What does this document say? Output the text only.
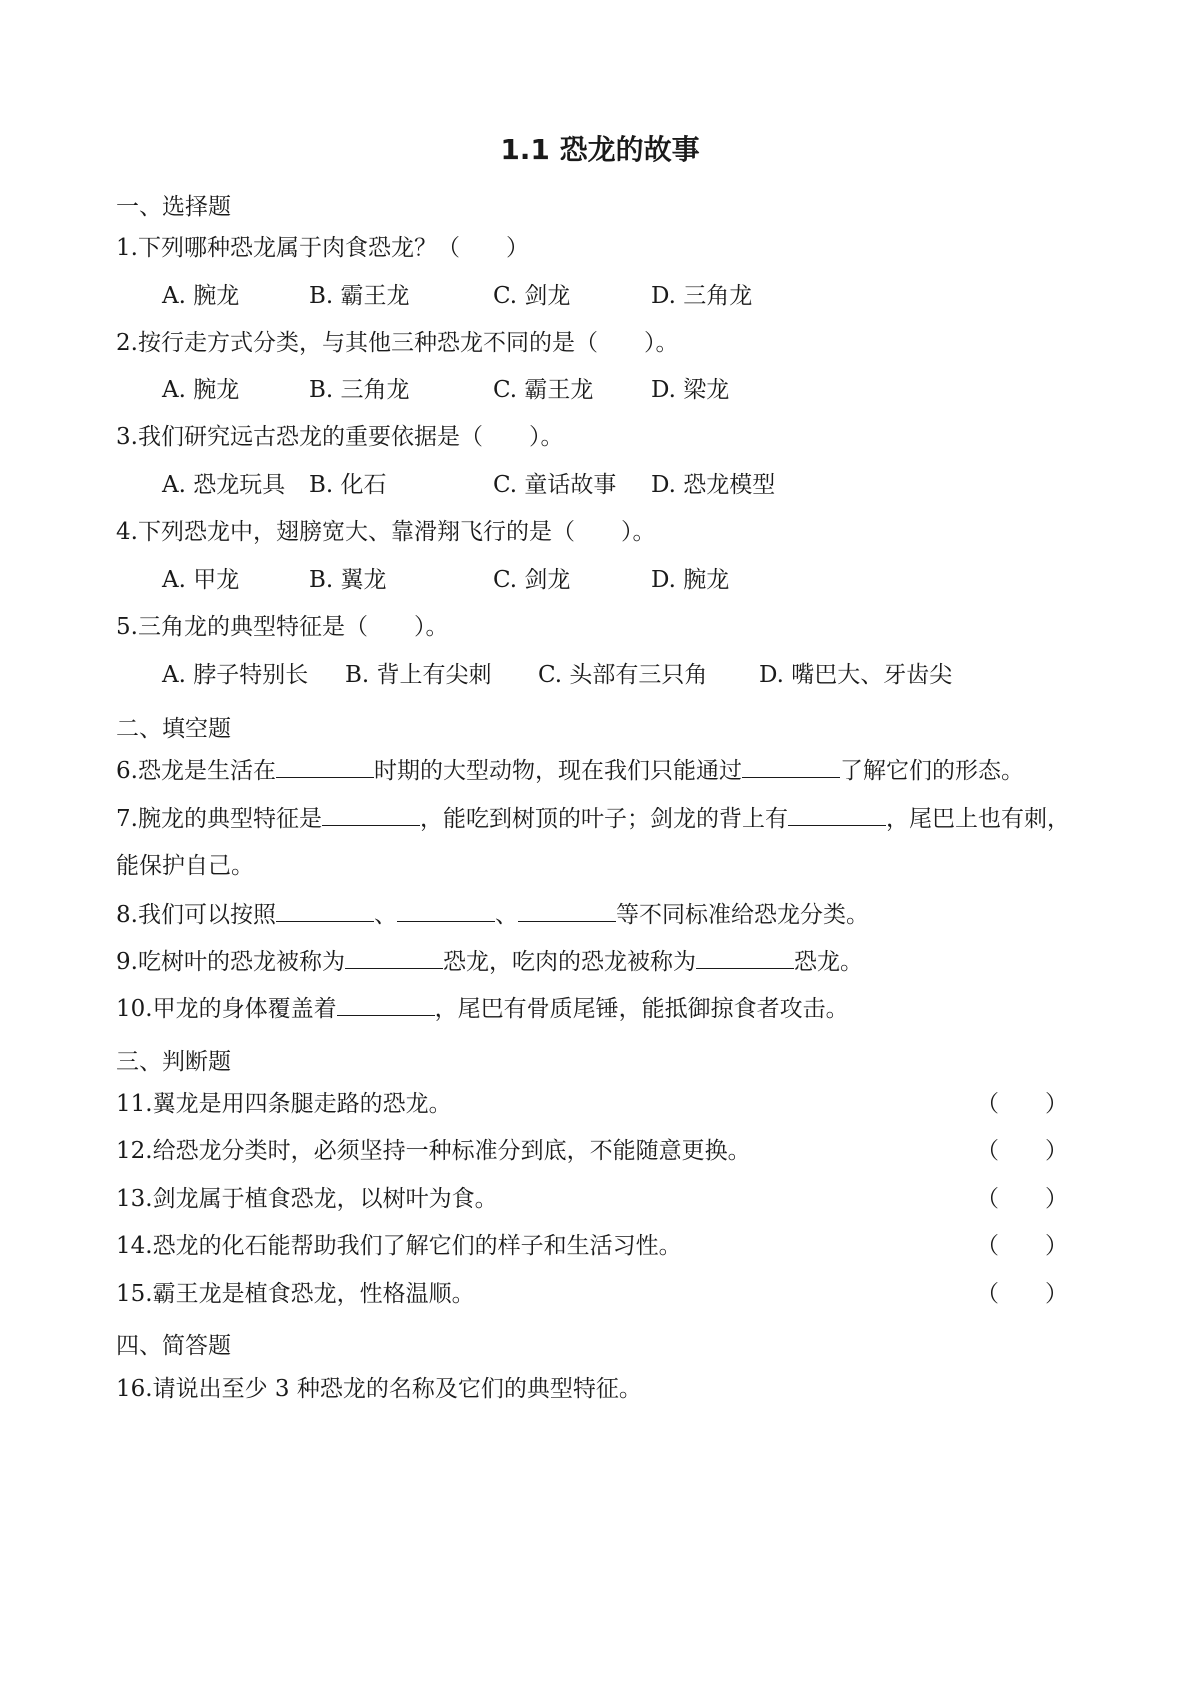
1.1 恐龙的故事
一、选择题
1.下列哪种恐龙属于肉食恐龙？（　　）
A. 腕龙	B. 霸王龙	C. 剑龙	D. 三角龙
2.按行走方式分类，与其他三种恐龙不同的是（　　）。
A. 腕龙	B. 三角龙	C. 霸王龙	D. 梁龙
3.我们研究远古恐龙的重要依据是（　　）。
A. 恐龙玩具 B. 化石	C. 童话故事 D. 恐龙模型
4.下列恐龙中，翅膀宽大、靠滑翔飞行的是（　　）。
A. 甲龙	B. 翼龙	C. 剑龙	D. 腕龙
5.三角龙的典型特征是（　　）。
A. 脖子特别长 B. 背上有尖刺 C. 头部有三只角 D. 嘴巴大、牙齿尖
二、填空题
6.恐龙是生活在	时期的大型动物，现在我们只能通过	了解它们的形态。
7.腕龙的典型特征是	，能吃到树顶的叶子；剑龙的背上有	，尾巴上也有刺，
能保护自己。
8.我们可以按照	、	、	等不同标准给恐龙分类。
9.吃树叶的恐龙被称为	恐龙，吃肉的恐龙被称为	恐龙。
10.甲龙的身体覆盖着	，尾巴有骨质尾锤，能抵御掠食者攻击。
三、判断题
11.翼龙是用四条腿走路的恐龙。	（　　）
12.给恐龙分类时，必须坚持一种标准分到底，不能随意更换。	（　　）
13.剑龙属于植食恐龙，以树叶为食。	（　　）
14.恐龙的化石能帮助我们了解它们的样子和生活习性。	（　　）
15.霸王龙是植食恐龙，性格温顺。	（　　）
四、简答题
16.请说出至少 3 种恐龙的名称及它们的典型特征。
